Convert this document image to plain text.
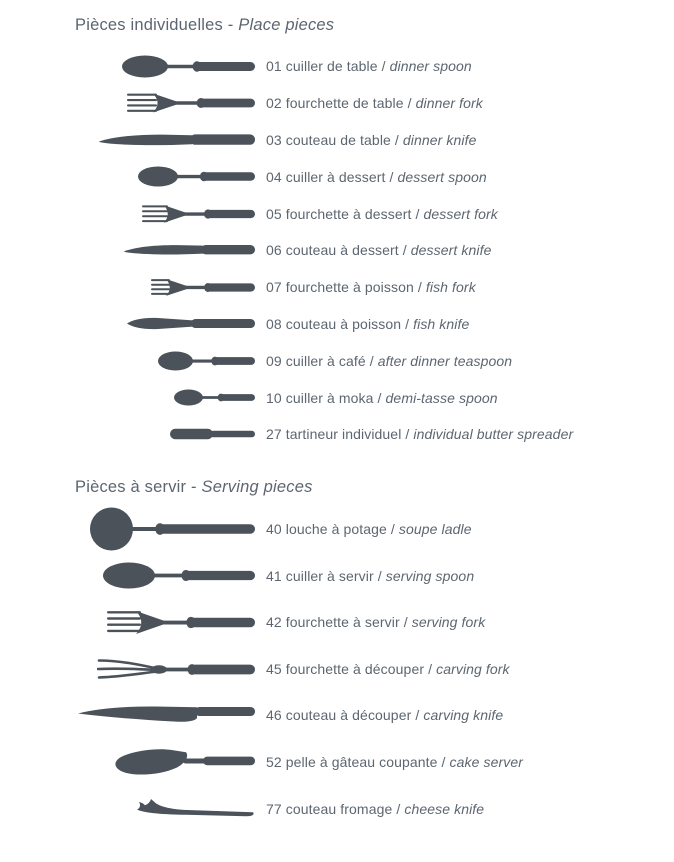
Pièces individuelles - Place pieces
01 cuiller de table / dinner spoon
02 fourchette de table / dinner fork
03 couteau de table / dinner knife
04 cuiller à dessert / dessert spoon
05 fourchette à dessert / dessert fork
06 couteau à dessert / dessert knife
07 fourchette à poisson / fish fork
08 couteau à poisson / fish knife
09 cuiller à café / after dinner teaspoon
10 cuiller à moka / demi-tasse spoon
27 tartineur individuel / individual butter spreader
Pièces à servir - Serving pieces
40 louche à potage / soupe ladle
41 cuiller à servir / serving spoon
42 fourchette à servir / serving fork
45 fourchette à découper / carving fork
46 couteau à découper / carving knife
52 pelle à gâteau coupante / cake server
77 couteau fromage / cheese knife
